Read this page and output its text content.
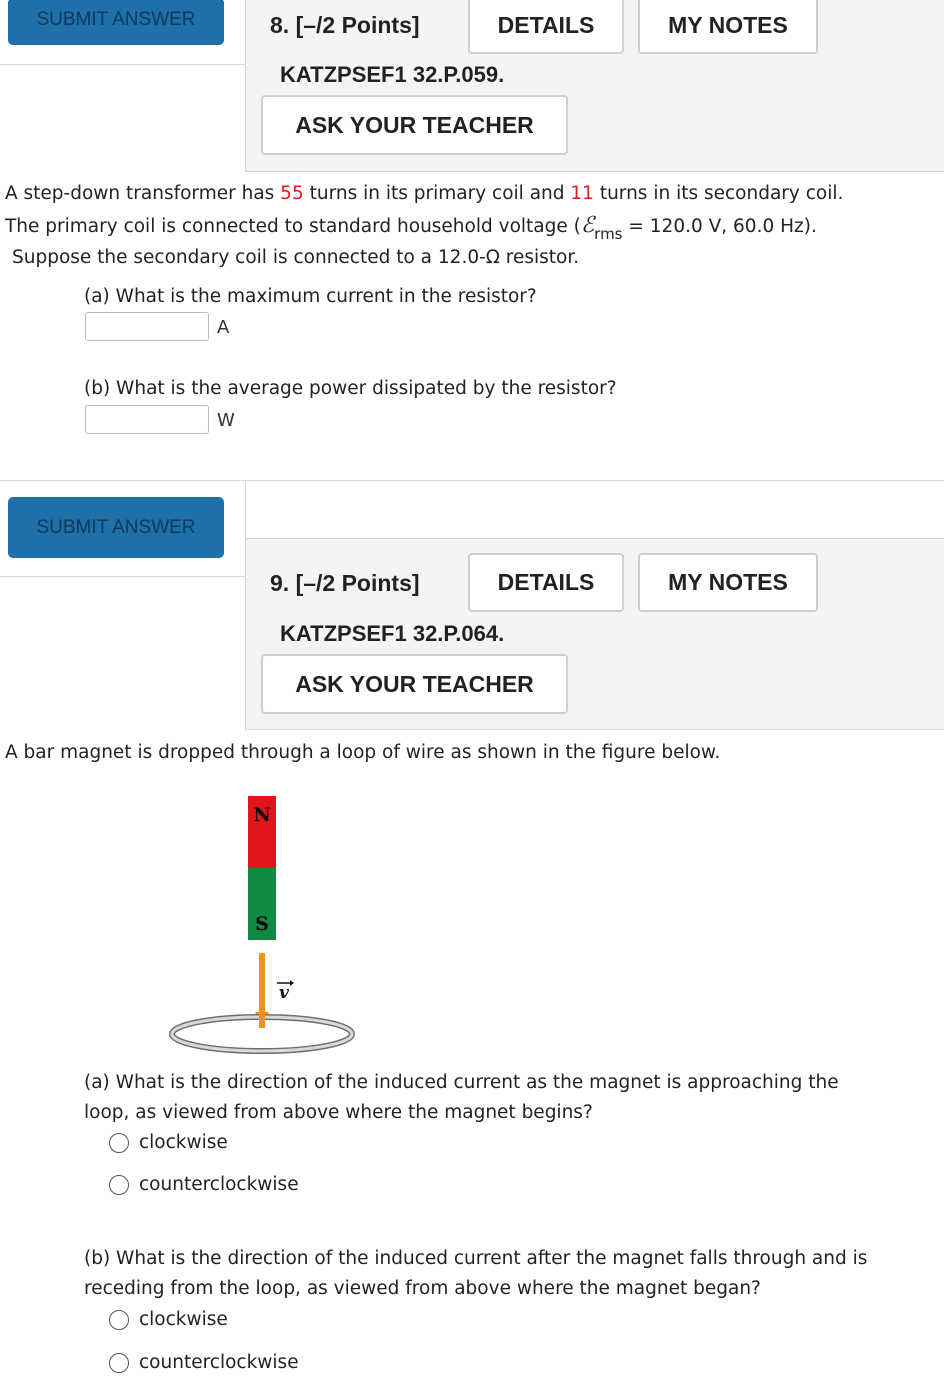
SUBMIT ANSWER	8. [–/2 Points]	DETAILS	MY NOTES
KATZPSEF1 32.P.059.
ASK YOUR TEACHER
A step-down transformer has 55 turns in its primary coil and 11 turns in its secondary coil.
The primary coil is connected to standard household voltage (ℰ$_{rms}$ = 120.0 V, 60.0 Hz).
Suppose the secondary coil is connected to a 12.0-Ω resistor.
(a) What is the maximum current in the resistor?
A
(b) What is the average power dissipated by the resistor?
W
SUBMIT ANSWER
9. [–/2 Points]	DETAILS	MY NOTES
KATZPSEF1 32.P.064.
ASK YOUR TEACHER
A bar magnet is dropped through a loop of wire as shown in the figure below.
N
S
v
(a) What is the direction of the induced current as the magnet is approaching the
loop, as viewed from above where the magnet begins?
clockwise
counterclockwise
(b) What is the direction of the induced current after the magnet falls through and is
receding from the loop, as viewed from above where the magnet began?
clockwise
counterclockwise
